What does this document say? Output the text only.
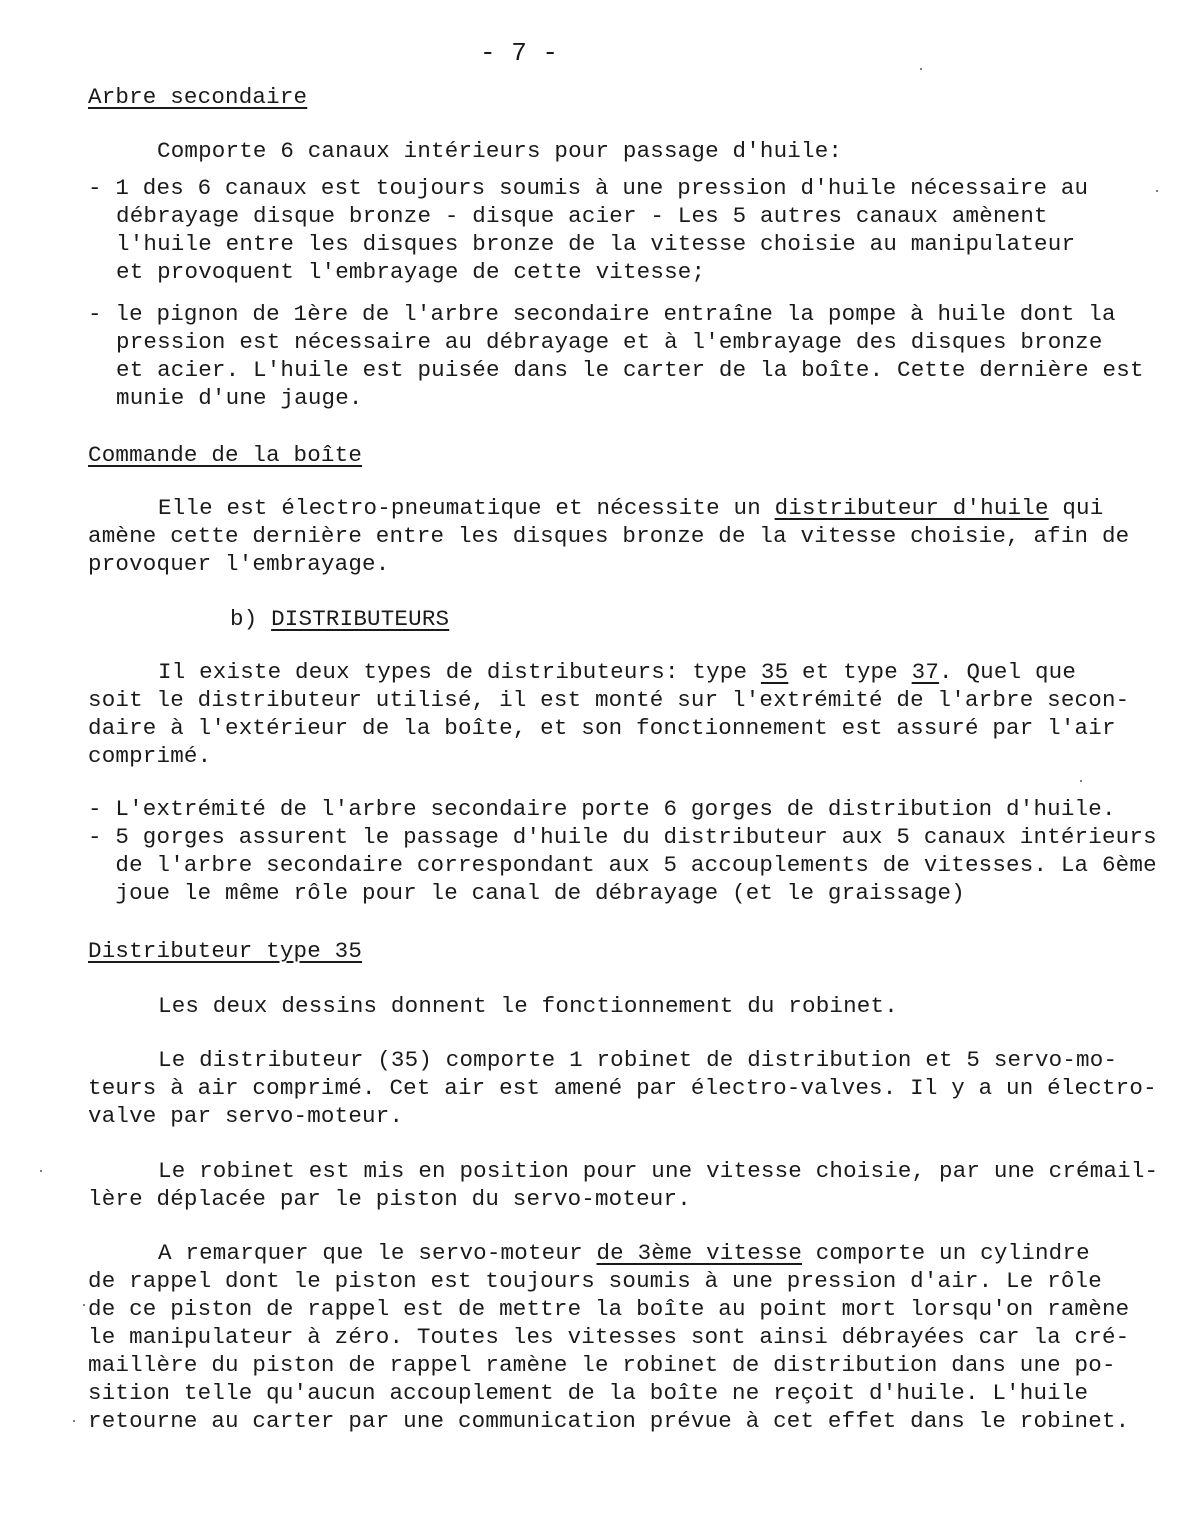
- 7 -
Arbre secondaire
Comporte 6 canaux intérieurs pour passage d'huile:
- 1 des 6 canaux est toujours soumis à une pression d'huile nécessaire au
débrayage disque bronze - disque acier - Les 5 autres canaux amènent
l'huile entre les disques bronze de la vitesse choisie au manipulateur
et provoquent l'embrayage de cette vitesse;
- le pignon de 1ère de l'arbre secondaire entraîne la pompe à huile dont la
pression est nécessaire au débrayage et à l'embrayage des disques bronze
et acier. L'huile est puisée dans le carter de la boîte. Cette dernière est
munie d'une jauge.
Commande de la boîte
Elle est électro-pneumatique et nécessite un distributeur d'huile qui
amène cette dernière entre les disques bronze de la vitesse choisie, afin de
provoquer l'embrayage.
b) DISTRIBUTEURS
Il existe deux types de distributeurs: type 35 et type 37. Quel que
soit le distributeur utilisé, il est monté sur l'extrémité de l'arbre secon-
daire à l'extérieur de la boîte, et son fonctionnement est assuré par l'air
comprimé.
- L'extrémité de l'arbre secondaire porte 6 gorges de distribution d'huile.
- 5 gorges assurent le passage d'huile du distributeur aux 5 canaux intérieurs
de l'arbre secondaire correspondant aux 5 accouplements de vitesses. La 6ème
joue le même rôle pour le canal de débrayage (et le graissage)
Distributeur type 35
Les deux dessins donnent le fonctionnement du robinet.
Le distributeur (35) comporte 1 robinet de distribution et 5 servo-mo-
teurs à air comprimé. Cet air est amené par électro-valves. Il y a un électro-
valve par servo-moteur.
Le robinet est mis en position pour une vitesse choisie, par une crémail-
lère déplacée par le piston du servo-moteur.
A remarquer que le servo-moteur de 3ème vitesse comporte un cylindre
de rappel dont le piston est toujours soumis à une pression d'air. Le rôle
de ce piston de rappel est de mettre la boîte au point mort lorsqu'on ramène
le manipulateur à zéro. Toutes les vitesses sont ainsi débrayées car la cré-
maillère du piston de rappel ramène le robinet de distribution dans une po-
sition telle qu'aucun accouplement de la boîte ne reçoit d'huile. L'huile
retourne au carter par une communication prévue à cet effet dans le robinet.
